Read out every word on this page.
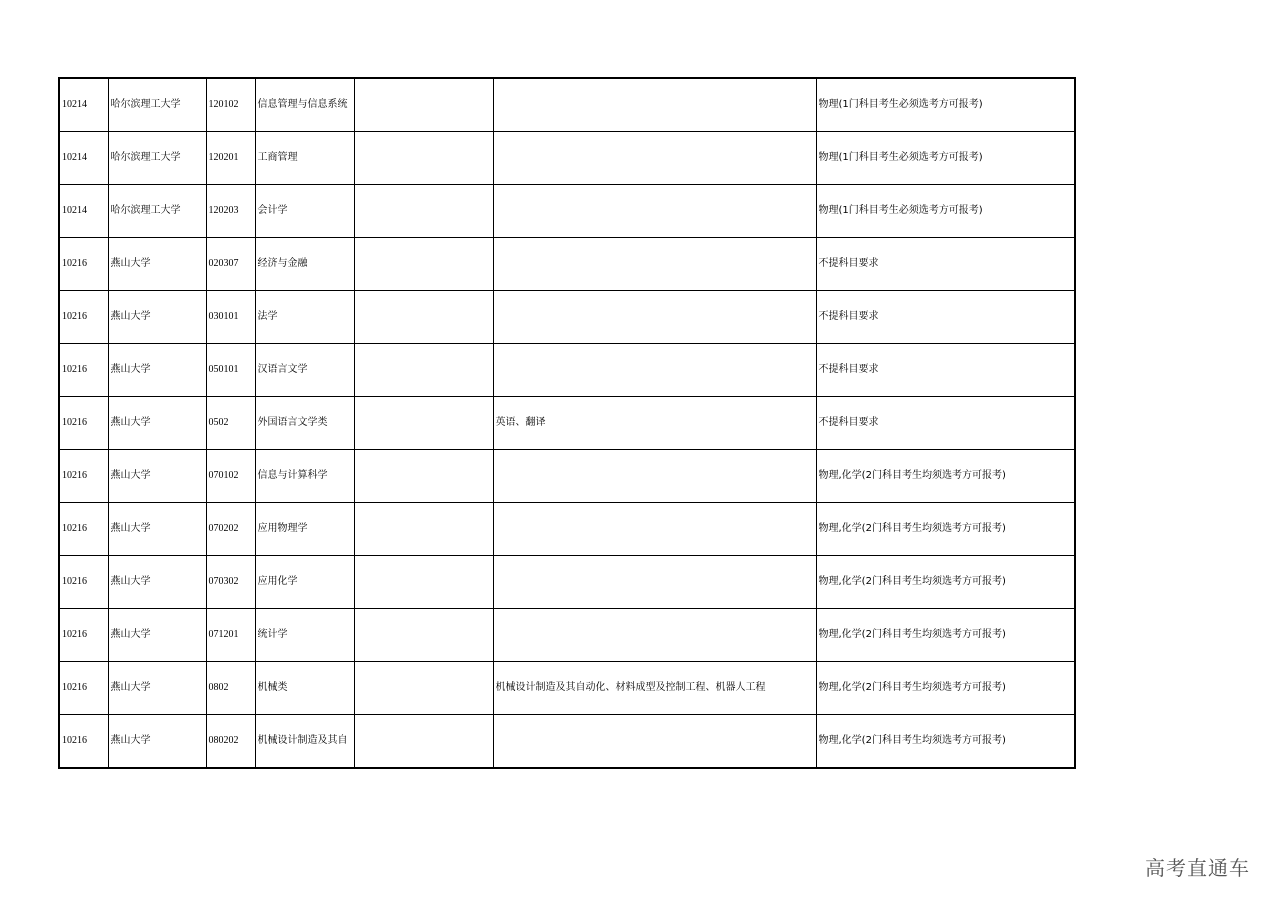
10214	哈尔滨理工大学	120102	信息管理与信息系统			物理(1门科目考生必须选考方可报考)
10214	哈尔滨理工大学	120201	工商管理			物理(1门科目考生必须选考方可报考)
10214	哈尔滨理工大学	120203	会计学			物理(1门科目考生必须选考方可报考)
10216	燕山大学	020307	经济与金融			不提科目要求
10216	燕山大学	030101	法学			不提科目要求
10216	燕山大学	050101	汉语言文学			不提科目要求
10216	燕山大学	0502	外国语言文学类		英语、翻译	不提科目要求
10216	燕山大学	070102	信息与计算科学			物理,化学(2门科目考生均须选考方可报考)
10216	燕山大学	070202	应用物理学			物理,化学(2门科目考生均须选考方可报考)
10216	燕山大学	070302	应用化学			物理,化学(2门科目考生均须选考方可报考)
10216	燕山大学	071201	统计学			物理,化学(2门科目考生均须选考方可报考)
10216	燕山大学	0802	机械类		机械设计制造及其自动化、材料成型及控制工程、机器人工程	物理,化学(2门科目考生均须选考方可报考)
10216	燕山大学	080202	机械设计制造及其自			物理,化学(2门科目考生均须选考方可报考)
高考直通车
